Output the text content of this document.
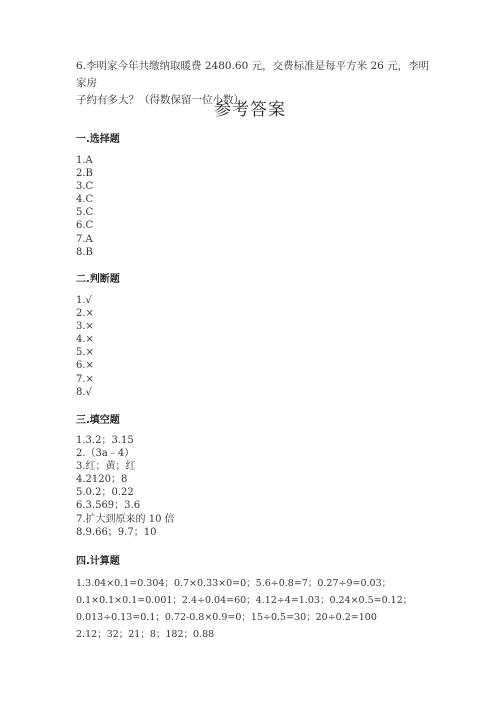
6.李明家今年共缴纳取暖费 2480.60 元，交费标准是每平方米 26 元，李明家房
子约有多大？（得数保留一位小数）
参考答案
一.选择题
1.A
2.B
3.C
4.C
5.C
6.C
7.A
8.B
二.判断题
1.√
2.×
3.×
4.×
5.×
6.×
7.×
8.√
三.填空题
1.3.2；3.15
2.（3a﹣4）
3.红；黄；红
4.2120；8
5.0.2；0.22
6.3.569；3.6
7.扩大到原来的 10 倍
8.9.66；9.7；10
四.计算题
1.3.04×0.1=0.304；0.7×0.33×0=0；5.6÷0.8=7；0.27÷9=0.03；
0.1×0.1×0.1=0.001；2.4÷0.04=60；4.12÷4=1.03；0.24×0.5=0.12；
0.013÷0.13=0.1；0.72-0.8×0.9=0；15÷0.5=30；20÷0.2=100
2.12；32；21；8；182；0.88
